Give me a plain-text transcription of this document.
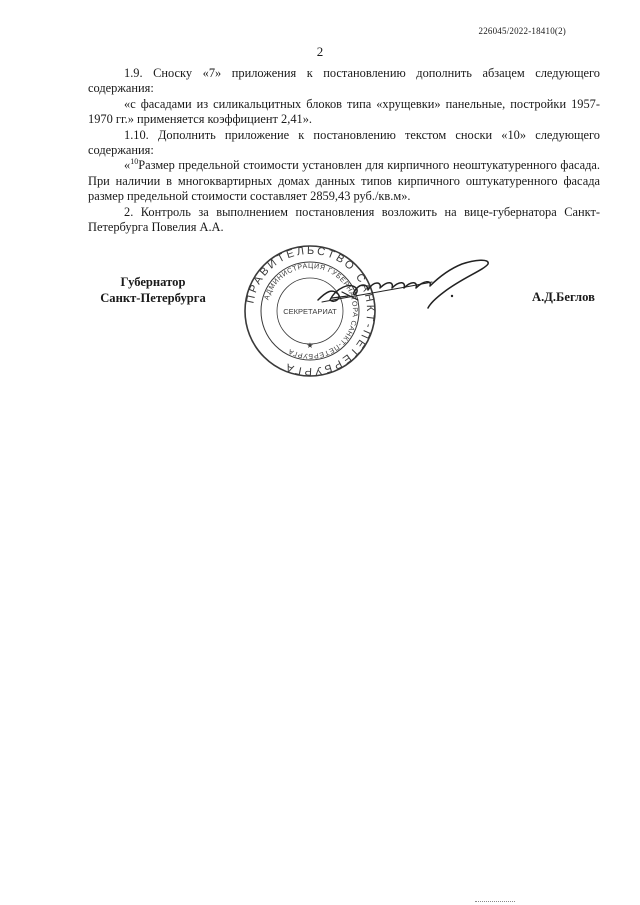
226045/2022-18410(2)
2

1.9. Сноску «7» приложения к постановлению дополнить абзацем следующего содержания:

«с фасадами из силикальцитных блоков типа «хрущевки» панельные, постройки 1957-1970 гг.» применяется коэффициент 2,41».

1.10. Дополнить приложение к постановлению текстом сноски «10» следующего содержания:

«$^{10}$Размер предельной стоимости установлен для кирпичного неоштукатуренного фасада. При наличии в многоквартирных домах данных типов кирпичного оштукатуренного фасада размер предельной стоимости составляет 2859,43 руб./кв.м».

2. Контроль за выполнением постановления возложить на вице-губернатора Санкт-Петербурга Повелия А.А.

Губернатор
Санкт-Петербурга	ПРАВИТЕЛЬСТВО САНКТ-ПЕТЕРБУРГА
АДМИНИСТРАЦИЯ ГУБЕРНАТОРА САНКТ-ПЕТЕРБУРГА
СЕКРЕТАРИАТ
★
А.Д.Беглов
